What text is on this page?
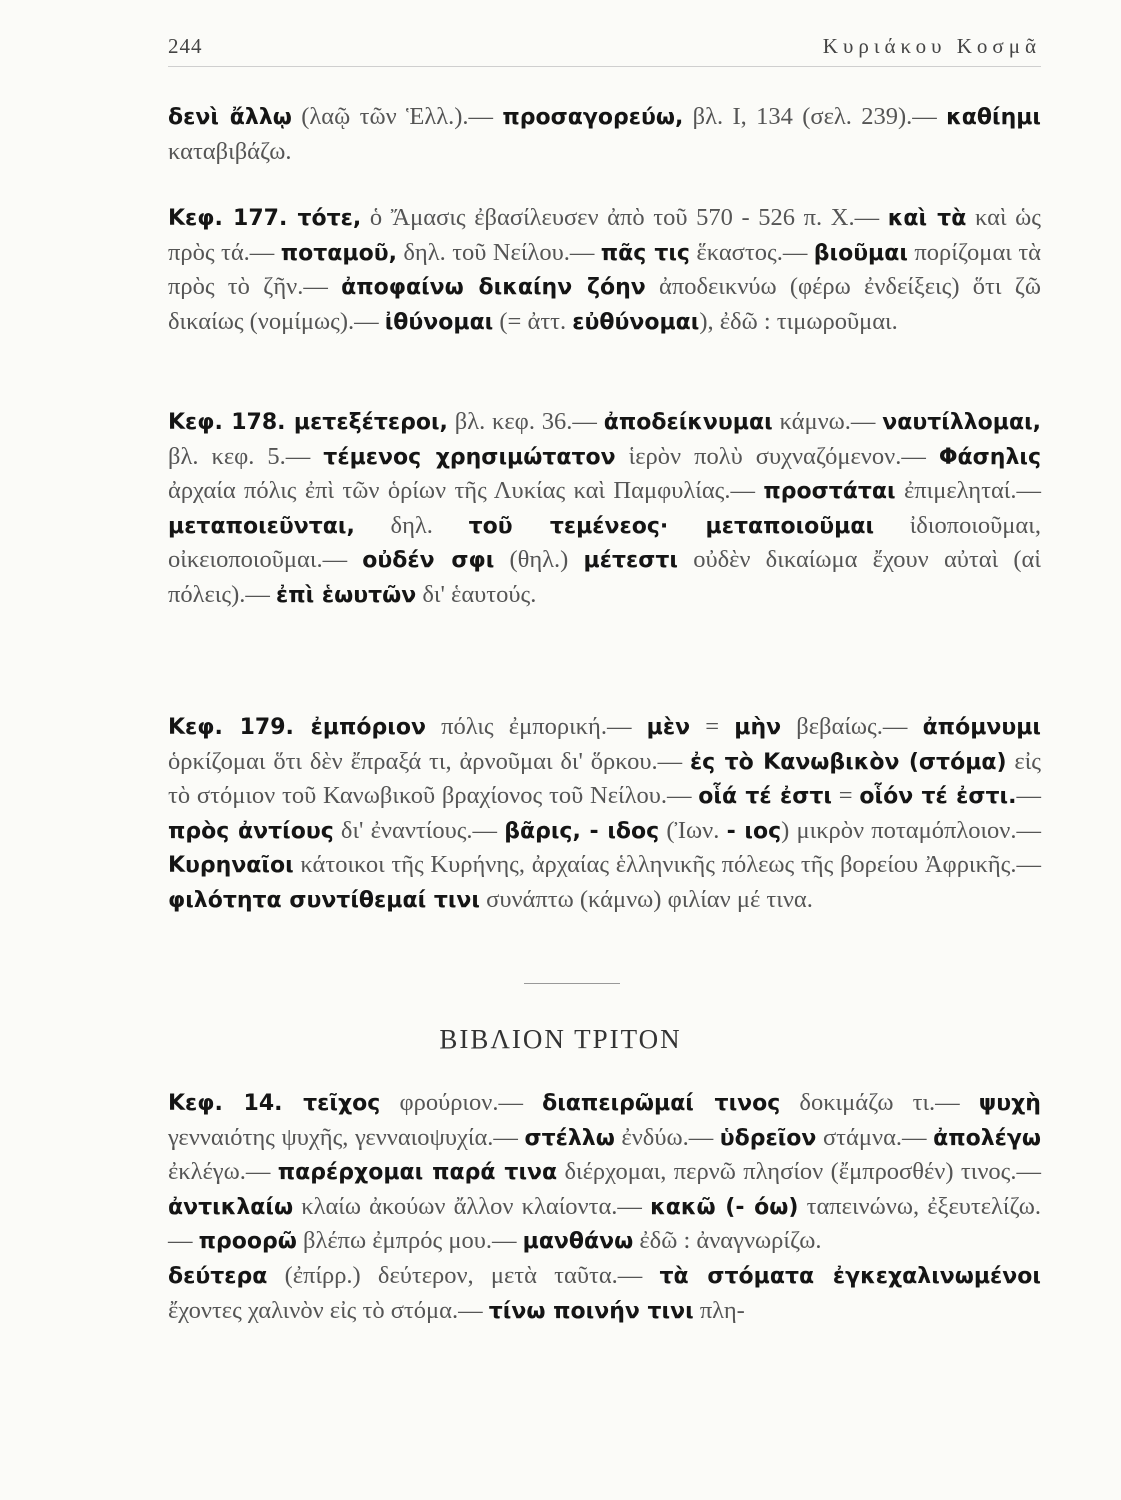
244	Κυριάκου Κοσμᾶ

δενὶ ἄλλῳ (λαῷ τῶν Ἑλλ.).— προσαγορεύω, βλ. Ι, 134 (σελ. 239).— καθίημι καταβιβάζω.

Κεφ. 177. τότε, ὁ Ἄμασις ἐβασίλευσεν ἀπὸ τοῦ 570 - 526 π. Χ.— καὶ τὰ καὶ ὡς πρὸς τά.— ποταμοῦ, δηλ. τοῦ Νείλου.— πᾶς τις ἕκαστος.— βιοῦμαι πορίζομαι τὰ πρὸς τὸ ζῆν.— ἀποφαίνω δικαίην ζόην ἀποδεικνύω (φέρω ἐνδείξεις) ὅτι ζῶ δικαίως (νομίμως).— ἰθύνομαι (= ἀττ. εὐθύνομαι), ἐδῶ : τιμωροῦμαι.

Κεφ. 178. μετεξέτεροι, βλ. κεφ. 36.— ἀποδείκνυμαι κάμνω.— ναυτίλλομαι, βλ. κεφ. 5.— τέμενος χρησιμώτατον ἱερὸν πολὺ συχναζόμενον.— Φάσηλις ἀρχαία πόλις ἐπὶ τῶν ὁρίων τῆς Λυκίας καὶ Παμφυλίας.— προστάται ἐπιμεληταί.— μεταποιεῦνται, δηλ. τοῦ τεμένεος· μεταποιοῦμαι ἰδιοποιοῦμαι, οἰκειοποιοῦμαι.— οὐδέν σφι (θηλ.) μέτεστι οὐδὲν δικαίωμα ἔχουν αὐταὶ (αἱ πόλεις).— ἐπὶ ἑωυτῶν δι' ἑαυτούς.

Κεφ. 179. ἐμπόριον πόλις ἐμπορική.— μὲν = μὴν βεβαίως.— ἀπόμνυμι ὁρκίζομαι ὅτι δὲν ἔπραξά τι, ἀρνοῦμαι δι' ὅρκου.— ἐς τὸ Κανωβικὸν (στόμα) εἰς τὸ στόμιον τοῦ Κανωβικοῦ βραχίονος τοῦ Νείλου.— οἷά τέ ἐστι = οἷόν τέ ἐστι.— πρὸς ἀντίους δι' ἐναντίους.— βᾶρις, - ιδος (Ἰων. - ιος) μικρὸν ποταμόπλοιον.— Κυρηναῖοι κάτοικοι τῆς Κυρήνης, ἀρχαίας ἑλληνικῆς πόλεως τῆς βορείου Ἀφρικῆς.— φιλότητα συντίθεμαί τινι συνάπτω (κάμνω) φιλίαν μέ τινα.

ΒΙΒΛΙΟΝ ΤΡΙΤΟΝ

Κεφ. 14. τεῖχος φρούριον.— διαπειρῶμαί τινος δοκιμάζω τι.— ψυχὴ γενναιότης ψυχῆς, γενναιοψυχία.— στέλλω ἐνδύω.— ὑδρεῖον στάμνα.— ἀπολέγω ἐκλέγω.— παρέρχομαι παρά τινα διέρχομαι, περνῶ πλησίον (ἔμπροσθέν) τινος.— ἀντικλαίω κλαίω ἀκούων ἄλλον κλαίοντα.— κακῶ (- όω) ταπεινώνω, ἐξευτελίζω.— προορῶ βλέπω ἐμπρός μου.— μανθάνω ἐδῶ : ἀναγνωρίζω.

δεύτερα (ἐπίρρ.) δεύτερον, μετὰ ταῦτα.— τὰ στόματα ἐγκεχαλινωμένοι ἔχοντες χαλινὸν εἰς τὸ στόμα.— τίνω ποινήν τινι πλη-
